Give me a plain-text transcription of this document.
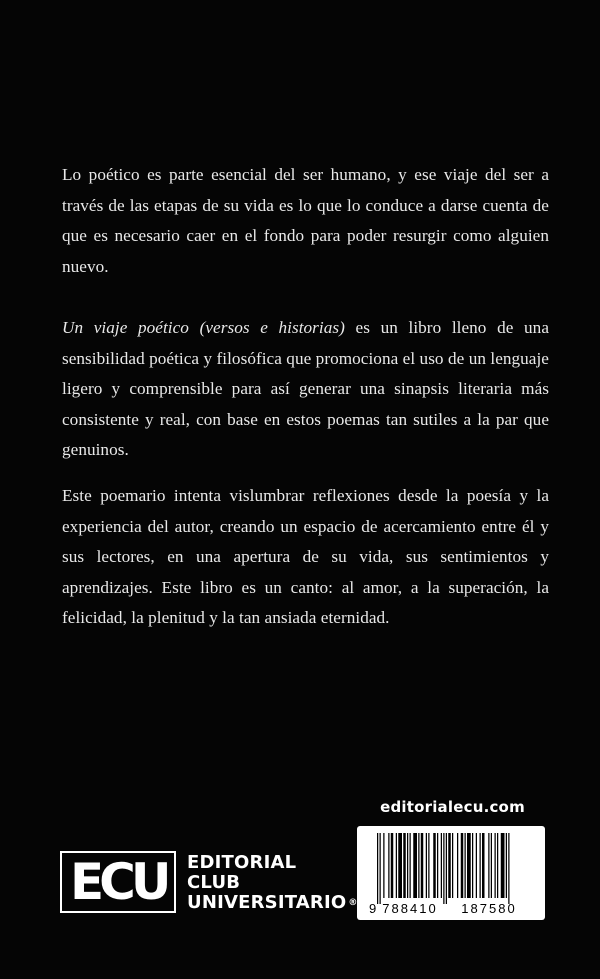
Lo poético es parte esencial del ser humano, y ese viaje del ser a través de las etapas de su vida es lo que lo conduce a darse cuenta de que es necesario caer en el fondo para poder resurgir como alguien nuevo.

Un viaje poético (versos e historias) es un libro lleno de una sensibilidad poética y filosófica que promociona el uso de un lenguaje ligero y comprensible para así generar una sinapsis literaria más consistente y real, con base en estos poemas tan sutiles a la par que genuinos.

Este poemario intenta vislumbrar reflexiones desde la poesía y la experiencia del autor, creando un espacio de acercamiento entre él y sus lectores, en una apertura de su vida, sus sentimientos y aprendizajes. Este libro es un canto: al amor, a la superación, la felicidad, la plenitud y la tan ansiada eternidad.

editorialecu.com
9 788410 187580
ECU EDITORIAL
CLUB
UNIVERSITARIO ®
